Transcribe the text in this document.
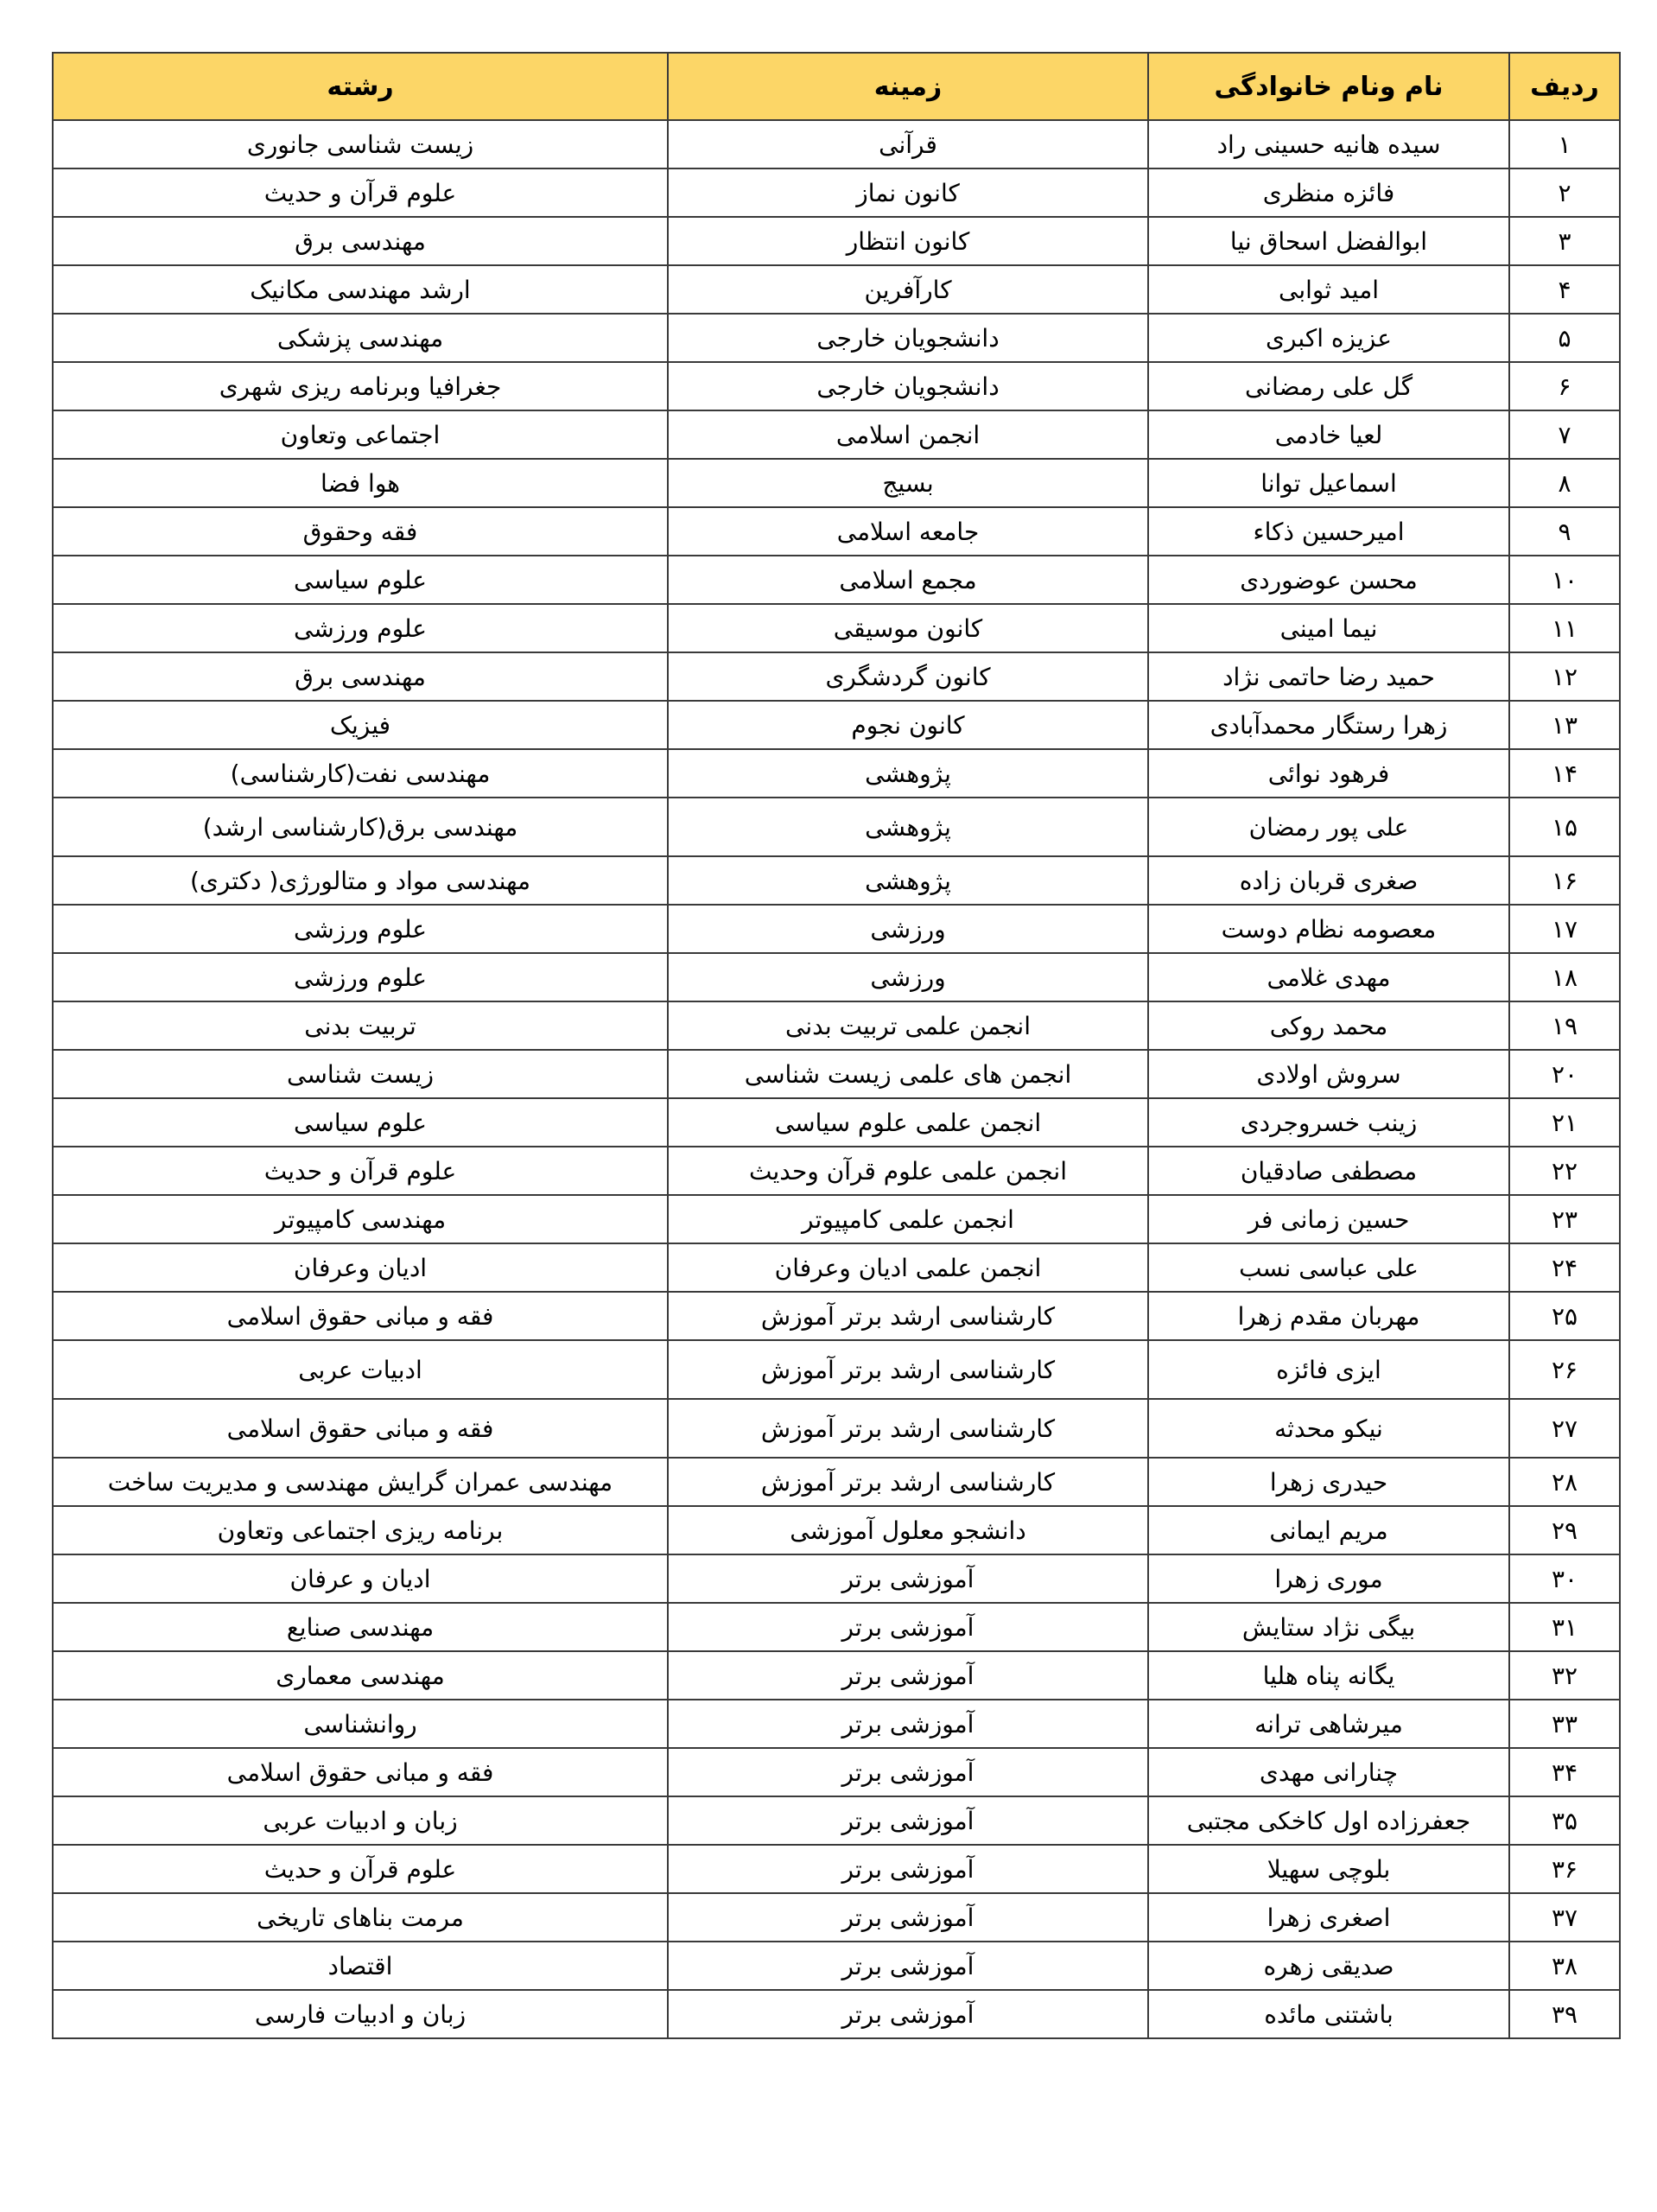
ردیف	نام ونام خانوادگی	زمینه	رشته
۱	سیده هانیه حسینی راد	قرآنی	زیست شناسی جانوری
۲	فائزه منظری	کانون نماز	علوم قرآن و حدیث
۳	ابوالفضل اسحاق نیا	کانون انتظار	مهندسی برق
۴	امید ثوابی	کارآفرین	ارشد مهندسی مکانیک
۵	عزیزه اکبری	دانشجویان خارجی	مهندسی پزشکی
۶	گل علی رمضانی	دانشجویان خارجی	جغرافیا وبرنامه ریزی شهری
۷	لعیا خادمی	انجمن اسلامی	اجتماعی وتعاون
۸	اسماعیل توانا	بسیج	هوا فضا
۹	امیرحسین ذکاء	جامعه اسلامی	فقه وحقوق
۱۰	محسن عوضوردی	مجمع اسلامی	علوم سیاسی
۱۱	نیما امینی	کانون موسیقی	علوم ورزشی
۱۲	حمید رضا حاتمی نژاد	کانون گردشگری	مهندسی برق
۱۳	زهرا رستگار محمدآبادی	کانون نجوم	فیزیک
۱۴	فرهود نوائی	پژوهشی	مهندسی نفت(کارشناسی)
۱۵	علی پور رمضان	پژوهشی	مهندسی برق(کارشناسی ارشد)
۱۶	صغری قربان زاده	پژوهشی	مهندسی مواد و متالورژی( دکتری)
۱۷	معصومه نظام دوست	ورزشی	علوم ورزشی
۱۸	مهدی غلامی	ورزشی	علوم ورزشی
۱۹	محمد روکی	انجمن علمی تربیت بدنی	تربیت بدنی
۲۰	سروش اولادی	انجمن های علمی زیست شناسی	زیست شناسی
۲۱	زینب خسروجردی	انجمن علمی علوم سیاسی	علوم سیاسی
۲۲	مصطفی صادقیان	انجمن علمی علوم قرآن وحدیث	علوم قرآن و حدیث
۲۳	حسین زمانی فر	انجمن علمی کامپیوتر	مهندسی کامپیوتر
۲۴	علی عباسی نسب	انجمن علمی ادیان وعرفان	ادیان وعرفان
۲۵	مهربان مقدم زهرا	کارشناسی ارشد برتر آموزش	فقه و مبانی حقوق اسلامی
۲۶	ایزی فائزه	کارشناسی ارشد برتر آموزش	ادبیات عربی
۲۷	نیکو محدثه	کارشناسی ارشد برتر آموزش	فقه و مبانی حقوق اسلامی
۲۸	حیدری زهرا	کارشناسی ارشد برتر آموزش	مهندسی عمران گرایش مهندسی و مدیریت ساخت
۲۹	مریم ایمانی	دانشجو معلول آموزشی	برنامه ریزی اجتماعی وتعاون
۳۰	موری زهرا	آموزشی برتر	ادیان و عرفان
۳۱	بیگی نژاد ستایش	آموزشی برتر	مهندسی صنایع
۳۲	یگانه پناه هلیا	آموزشی برتر	مهندسی معماری
۳۳	میرشاهی ترانه	آموزشی برتر	روانشناسی
۳۴	چنارانی مهدی	آموزشی برتر	فقه و مبانی حقوق اسلامی
۳۵	جعفرزاده اول کاخکی مجتبی	آموزشی برتر	زبان و ادبیات عربی
۳۶	بلوچی سهیلا	آموزشی برتر	علوم قرآن و حدیث
۳۷	اصغری زهرا	آموزشی برتر	مرمت بناهای تاریخی
۳۸	صدیقی زهره	آموزشی برتر	اقتصاد
۳۹	باشتنی مائده	آموزشی برتر	زبان و ادبیات فارسی
